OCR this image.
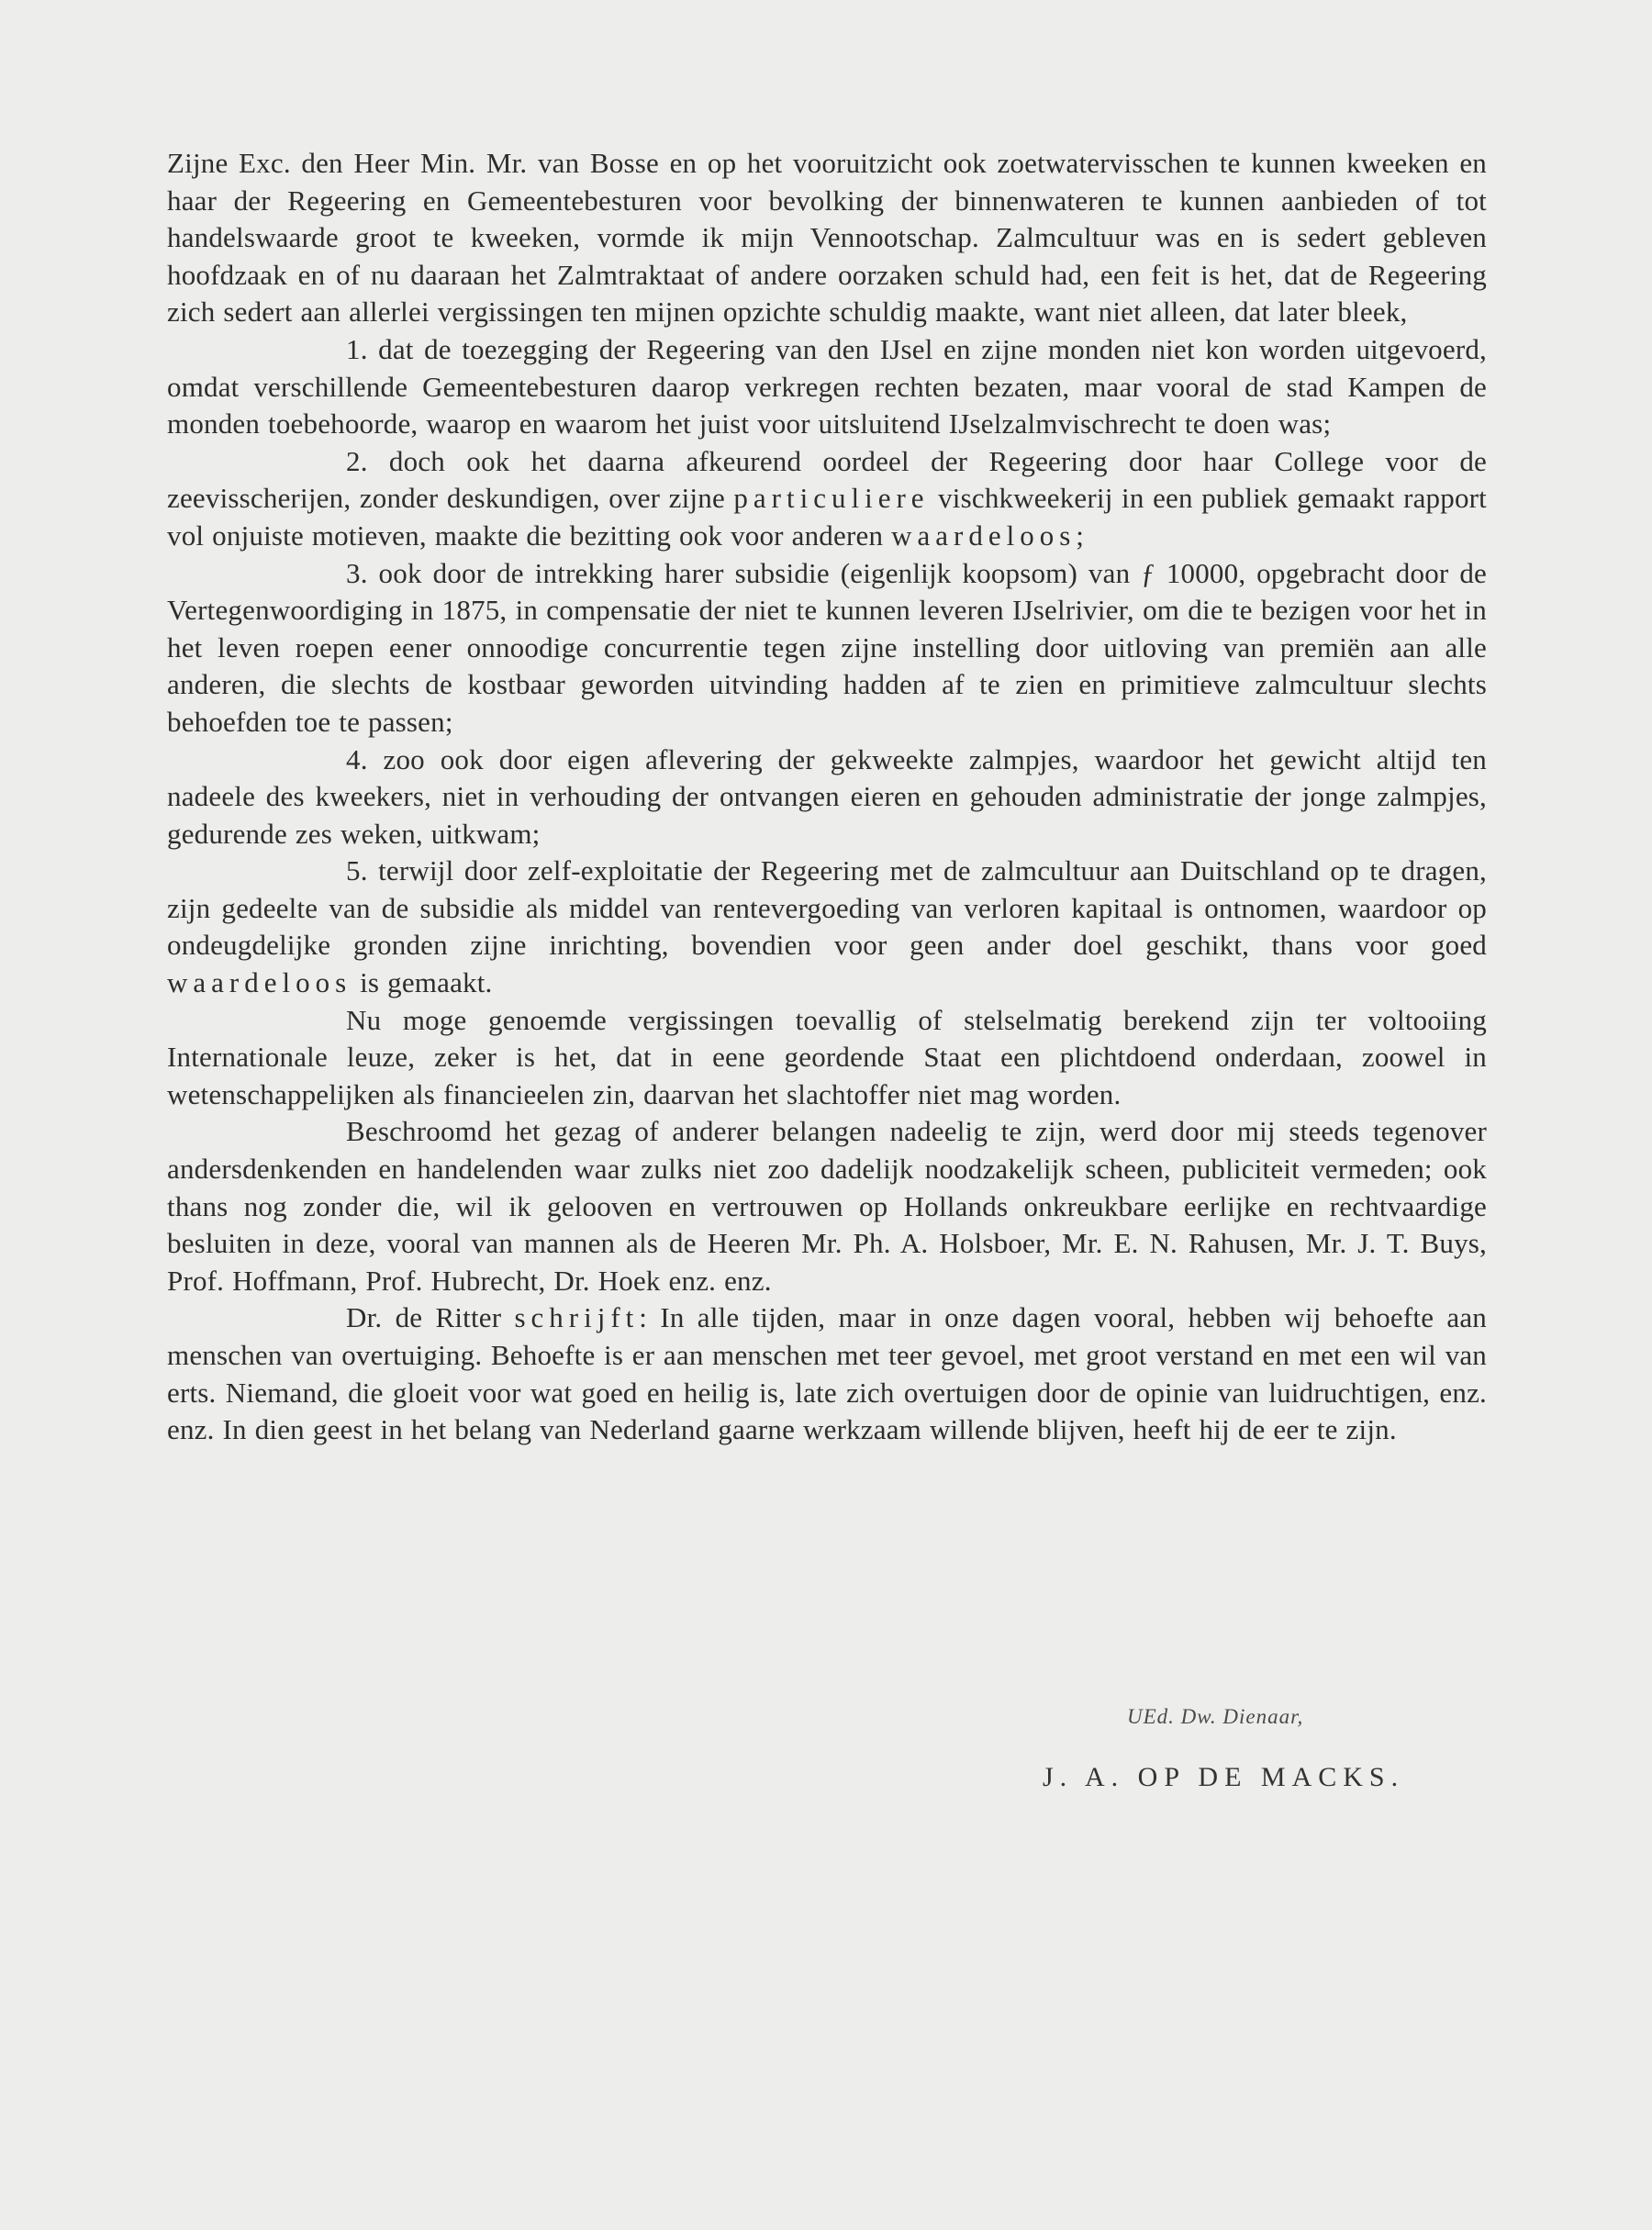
Zijne Exc. den Heer Min. Mr. van Bosse en op het vooruitzicht ook zoetwatervisschen te kunnen kweeken en haar der Regeering en Gemeentebesturen voor bevolking der binnenwateren te kunnen aanbieden of tot handelswaarde groot te kweeken, vormde ik mijn Vennootschap. Zalmcultuur was en is sedert gebleven hoofdzaak en of nu daaraan het Zalmtraktaat of andere oorzaken schuld had, een feit is het, dat de Regeering zich sedert aan allerlei vergissingen ten mijnen opzichte schuldig maakte, want niet alleen, dat later bleek,

1. dat de toezegging der Regeering van den IJsel en zijne monden niet kon worden uitgevoerd, omdat verschillende Gemeentebesturen daarop verkregen rechten bezaten, maar vooral de stad Kampen de monden toebehoorde, waarop en waarom het juist voor uitsluitend IJselzalmvischrecht te doen was;

2. doch ook het daarna afkeurend oordeel der Regeering door haar College voor de zeevisscherijen, zonder deskundigen, over zijne particuliere vischkweekerij in een publiek gemaakt rapport vol onjuiste motieven, maakte die bezitting ook voor anderen waardeloos;

3. ook door de intrekking harer subsidie (eigenlijk koopsom) van ƒ 10000, opgebracht door de Vertegenwoordiging in 1875, in compensatie der niet te kunnen leveren IJselrivier, om die te bezigen voor het in het leven roepen eener onnoodige concurrentie tegen zijne instelling door uitloving van premiën aan alle anderen, die slechts de kostbaar geworden uitvinding hadden af te zien en primitieve zalmcultuur slechts behoefden toe te passen;

4. zoo ook door eigen aflevering der gekweekte zalmpjes, waardoor het gewicht altijd ten nadeele des kweekers, niet in verhouding der ontvangen eieren en gehouden administratie der jonge zalmpjes, gedurende zes weken, uitkwam;

5. terwijl door zelf-exploitatie der Regeering met de zalmcultuur aan Duitschland op te dragen, zijn gedeelte van de subsidie als middel van rentevergoeding van verloren kapitaal is ontnomen, waardoor op ondeugdelijke gronden zijne inrichting, bovendien voor geen ander doel geschikt, thans voor goed waardeloos is gemaakt.

Nu moge genoemde vergissingen toevallig of stelselmatig berekend zijn ter voltooiing Internationale leuze, zeker is het, dat in eene geordende Staat een plichtdoend onderdaan, zoowel in wetenschappelijken als financieelen zin, daarvan het slachtoffer niet mag worden.

Beschroomd het gezag of anderer belangen nadeelig te zijn, werd door mij steeds tegenover andersdenkenden en handelenden waar zulks niet zoo dadelijk noodzakelijk scheen, publiciteit vermeden; ook thans nog zonder die, wil ik gelooven en vertrouwen op Hollands onkreukbare eerlijke en rechtvaardige besluiten in deze, vooral van mannen als de Heeren Mr. Ph. A. Holsboer, Mr. E. N. Rahusen, Mr. J. T. Buys, Prof. Hoffmann, Prof. Hubrecht, Dr. Hoek enz. enz.

Dr. de Ritter schrijft: In alle tijden, maar in onze dagen vooral, hebben wij behoefte aan menschen van overtuiging. Behoefte is er aan menschen met teer gevoel, met groot verstand en met een wil van erts. Niemand, die gloeit voor wat goed en heilig is, late zich overtuigen door de opinie van luidruchtigen, enz. enz. In dien geest in het belang van Nederland gaarne werkzaam willende blijven, heeft hij de eer te zijn.

UEd. Dw. Dienaar,
J. A. OP DE MACKS.
